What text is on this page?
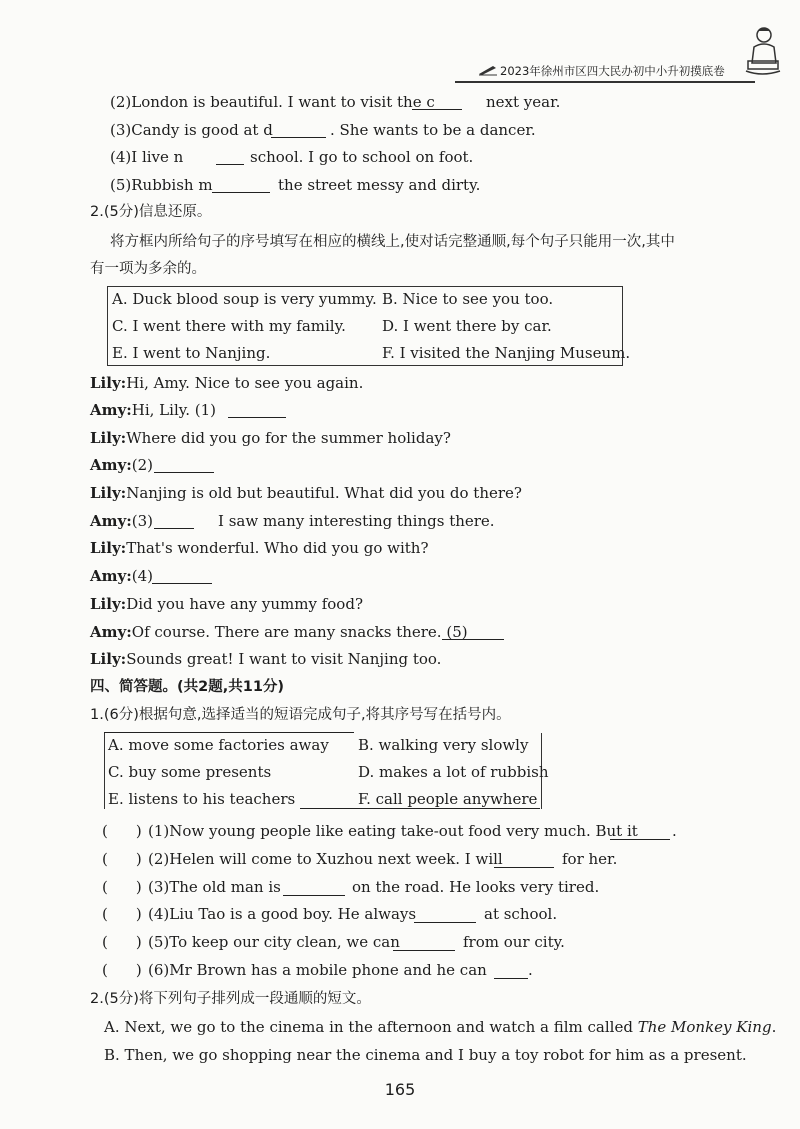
2023年徐州市区四大民办初中小升初摸底卷
(2)London is beautiful. I want to visit the c	next year.
(3)Candy is good at d	. She wants to be a dancer.
(4)I live n	school. I go to school on foot.
(5)Rubbish m	the street messy and dirty.
2.(5分)信息还原。
将方框内所给句子的序号填写在相应的横线上,使对话完整通顺,每个句子只能用一次,其中
有一项为多余的。
A. Duck blood soup is very yummy. B. Nice to see you too.
C. I went there with my family. D. I went there by car.
E. I went to Nanjing.	F. I visited the Nanjing Museum.
Lily:Hi, Amy. Nice to see you again.
Amy:Hi, Lily. (1)
Lily:Where did you go for the summer holiday?
Amy:(2)
Lily:Nanjing is old but beautiful. What did you do there?
Amy:(3)	I saw many interesting things there.
Lily:That's wonderful. Who did you go with?
Amy:(4)
Lily:Did you have any yummy food?
Amy:Of course. There are many snacks there. (5)
Lily:Sounds great! I want to visit Nanjing too.
四、简答题。(共2题,共11分)
1.(6分)根据句意,选择适当的短语完成句子,将其序号写在括号内。
A. move some factories away B. walking very slowly
C. buy some presents	D. makes a lot of rubbish
E. listens to his teachers	F. call people anywhere
( ) (1)Now young people like eating take-out food very much. But it .
( ) (2)Helen will come to Xuzhou next week. I will	for her.
( ) (3)The old man is	on the road. He looks very tired.
( ) (4)Liu Tao is a good boy. He always	at school.
( ) (5)To keep our city clean, we can	from our city.
( ) (6)Mr Brown has a mobile phone and he can	.
2.(5分)将下列句子排列成一段通顺的短文。
A. Next, we go to the cinema in the afternoon and watch a film called The Monkey King.
B. Then, we go shopping near the cinema and I buy a toy robot for him as a present.
165
